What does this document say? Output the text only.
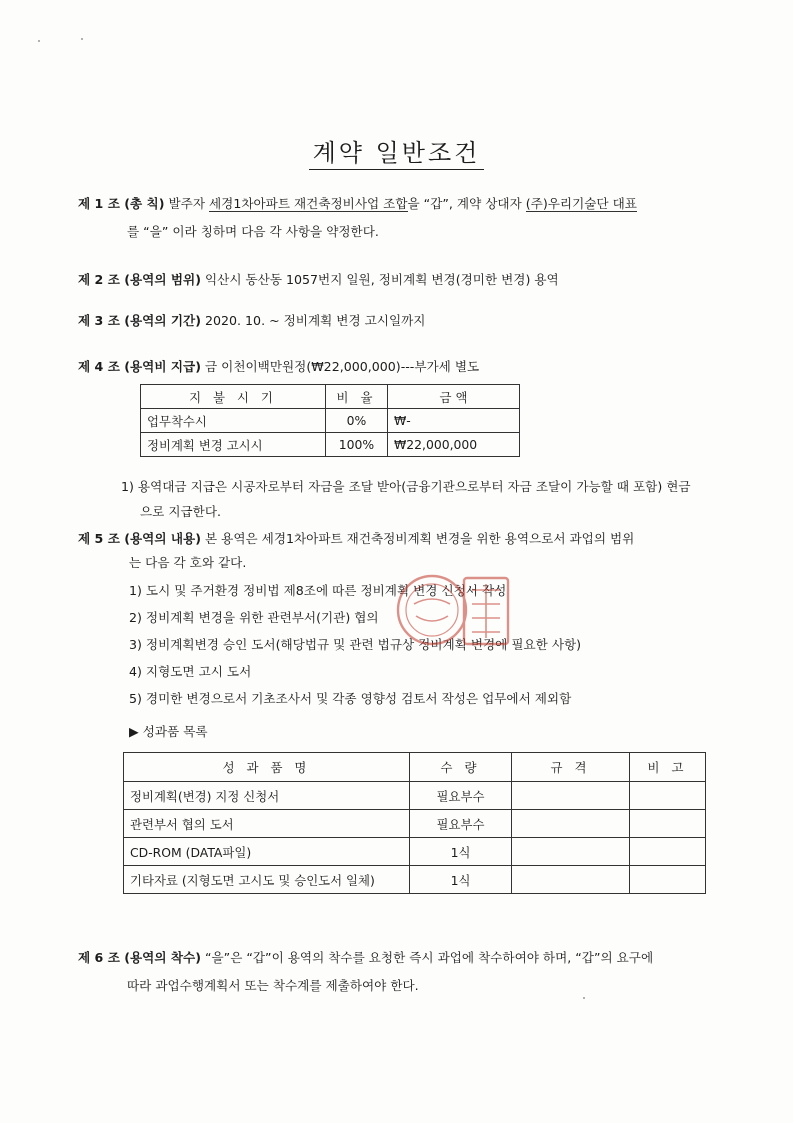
계약 일반조건
제 1 조 (총 칙) 발주자 세경1차아파트 재건축정비사업 조합을 “갑”, 계약 상대자 (주)우리기술단 대표
를 “을” 이라 칭하며 다음 각 사항을 약정한다.
제 2 조 (용역의 범위) 익산시 동산동 1057번지 일원, 정비계획 변경(경미한 변경) 용역
제 3 조 (용역의 기간) 2020. 10. ~ 정비계획 변경 고시일까지
제 4 조 (용역비 지급) 금 이천이백만원정(₩22,000,000)---부가세 별도
지 불 시 기	비 율	금 액
업무착수시	0%	₩-
정비계획 변경 고시시	100%	₩22,000,000
1) 용역대금 지급은 시공자로부터 자금을 조달 받아(금융기관으로부터 자금 조달이 가능할 때 포함) 현금
으로 지급한다.
제 5 조 (용역의 내용) 본 용역은 세경1차아파트 재건축정비계획 변경을 위한 용역으로서 과업의 범위
는 다음 각 호와 같다.
1) 도시 및 주거환경 정비법 제8조에 따른 정비계획 변경 신청서 작성
2) 정비계획 변경을 위한 관련부서(기관) 협의
3) 정비계획변경 승인 도서(해당법규 및 관련 법규상 정비계획 변경에 필요한 사항)
4) 지형도면 고시 도서
5) 경미한 변경으로서 기초조사서 및 각종 영향성 검토서 작성은 업무에서 제외함
▶ 성과품 목록
성 과 품 명	수 량	규 격	비 고
정비계획(변경) 지정 신청서	필요부수		
관련부서 협의 도서	필요부수		
CD-ROM (DATA파일)	1식		
기타자료 (지형도면 고시도 및 승인도서 일체)	1식		
제 6 조 (용역의 착수) “을”은 “갑”이 용역의 착수를 요청한 즉시 과업에 착수하여야 하며, “갑”의 요구에
따라 과업수행계획서 또는 착수계를 제출하여야 한다.
